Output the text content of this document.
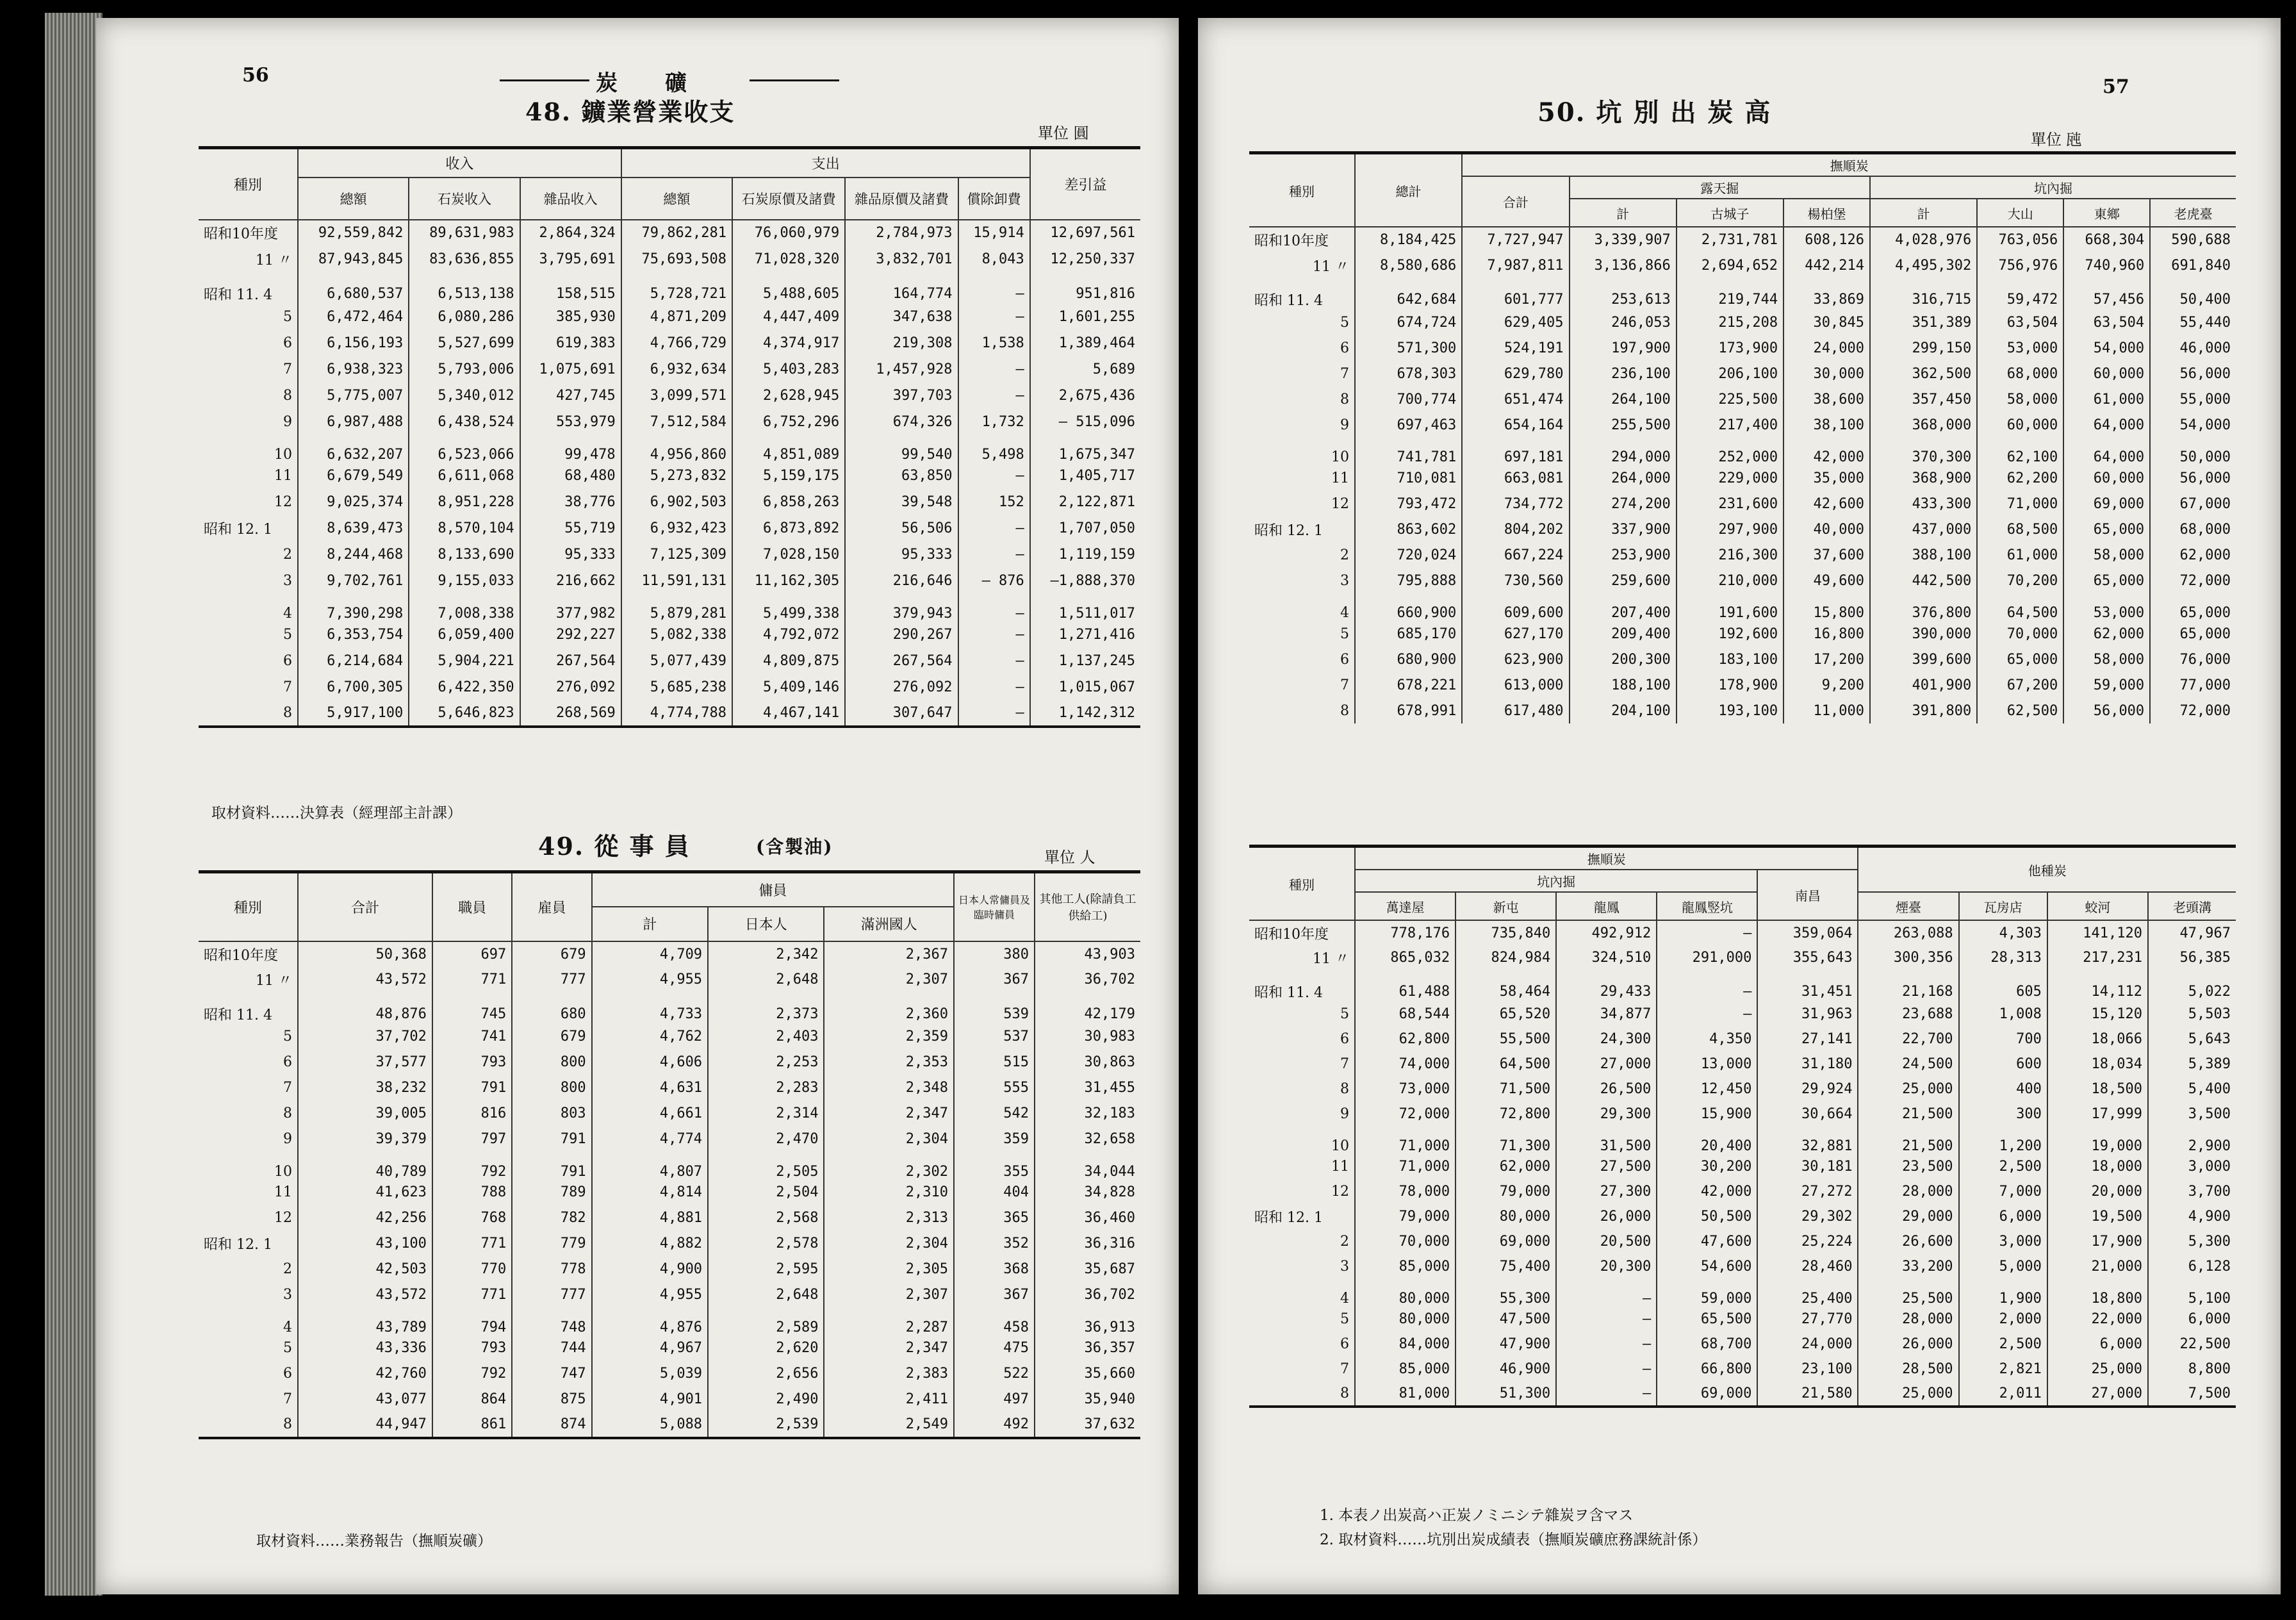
56	炭　　礦
48. 鑛業營業收支
單位 圓
種別	收入			支出				差引益
	總額	石炭收入	雜品收入	總額	石炭原價及諸費	雜品原價及諸費	償除卸費	
昭和10年度	92,559,842	89,631,983	2,864,324	79,862,281	76,060,979	2,784,973	15,914	12,697,561
11 〃	87,943,845	83,636,855	3,795,691	75,693,508	71,028,320	3,832,701	8,043	12,250,337
昭和 11. 4	6,680,537	6,513,138	158,515	5,728,721	5,488,605	164,774	—	951,816
5	6,472,464	6,080,286	385,930	4,871,209	4,447,409	347,638	—	1,601,255
6	6,156,193	5,527,699	619,383	4,766,729	4,374,917	219,308	1,538	1,389,464
7	6,938,323	5,793,006	1,075,691	6,932,634	5,403,283	1,457,928	—	5,689
8	5,775,007	5,340,012	427,745	3,099,571	2,628,945	397,703	—	2,675,436
9	6,987,488	6,438,524	553,979	7,512,584	6,752,296	674,326	1,732	— 515,096
10	6,632,207	6,523,066	99,478	4,956,860	4,851,089	99,540	5,498	1,675,347
11	6,679,549	6,611,068	68,480	5,273,832	5,159,175	63,850	—	1,405,717
12	9,025,374	8,951,228	38,776	6,902,503	6,858,263	39,548	152	2,122,871
昭和 12. 1	8,639,473	8,570,104	55,719	6,932,423	6,873,892	56,506	—	1,707,050
2	8,244,468	8,133,690	95,333	7,125,309	7,028,150	95,333	—	1,119,159
3	9,702,761	9,155,033	216,662	11,591,131	11,162,305	216,646	— 876	—1,888,370
4	7,390,298	7,008,338	377,982	5,879,281	5,499,338	379,943	—	1,511,017
5	6,353,754	6,059,400	292,227	5,082,338	4,792,072	290,267	—	1,271,416
6	6,214,684	5,904,221	267,564	5,077,439	4,809,875	267,564	—	1,137,245
7	6,700,305	6,422,350	276,092	5,685,238	5,409,146	276,092	—	1,015,067
8	5,917,100	5,646,823	268,569	4,774,788	4,467,141	307,647	—	1,142,312
取材資料……決算表（經理部主計課）
49. 從 事 員	(含製油)	單位 人
種別	合計	職員	雇員	傭員			日本人常傭員及臨時傭員	其他工人(除請負工供給工)
				計	日本人	滿洲國人		
昭和10年度	50,368	697	679	4,709	2,342	2,367	380	43,903
11 〃	43,572	771	777	4,955	2,648	2,307	367	36,702
昭和 11. 4	48,876	745	680	4,733	2,373	2,360	539	42,179
5	37,702	741	679	4,762	2,403	2,359	537	30,983
6	37,577	793	800	4,606	2,253	2,353	515	30,863
7	38,232	791	800	4,631	2,283	2,348	555	31,455
8	39,005	816	803	4,661	2,314	2,347	542	32,183
9	39,379	797	791	4,774	2,470	2,304	359	32,658
10	40,789	792	791	4,807	2,505	2,302	355	34,044
11	41,623	788	789	4,814	2,504	2,310	404	34,828
12	42,256	768	782	4,881	2,568	2,313	365	36,460
昭和 12. 1	43,100	771	779	4,882	2,578	2,304	352	36,316
2	42,503	770	778	4,900	2,595	2,305	368	35,687
3	43,572	771	777	4,955	2,648	2,307	367	36,702
4	43,789	794	748	4,876	2,589	2,287	458	36,913
5	43,336	793	744	4,967	2,620	2,347	475	36,357
6	42,760	792	747	5,039	2,656	2,383	522	35,660
7	43,077	864	875	4,901	2,490	2,411	497	35,940
8	44,947	861	874	5,088	2,539	2,549	492	37,632
取材資料……業務報告（撫順炭礦）
57
50. 坑 別 出 炭 高
單位 瓲
種別	總計	撫順炭							
		合計	露天掘			坑內掘			
			計	古城子	楊柏堡	計	大山	東鄉	老虎臺
昭和10年度	8,184,425	7,727,947	3,339,907	2,731,781	608,126	4,028,976	763,056	668,304	590,688
11 〃	8,580,686	7,987,811	3,136,866	2,694,652	442,214	4,495,302	756,976	740,960	691,840
昭和 11. 4	642,684	601,777	253,613	219,744	33,869	316,715	59,472	57,456	50,400
5	674,724	629,405	246,053	215,208	30,845	351,389	63,504	63,504	55,440
6	571,300	524,191	197,900	173,900	24,000	299,150	53,000	54,000	46,000
7	678,303	629,780	236,100	206,100	30,000	362,500	68,000	60,000	56,000
8	700,774	651,474	264,100	225,500	38,600	357,450	58,000	61,000	55,000
9	697,463	654,164	255,500	217,400	38,100	368,000	60,000	64,000	54,000
10	741,781	697,181	294,000	252,000	42,000	370,300	62,100	64,000	50,000
11	710,081	663,081	264,000	229,000	35,000	368,900	62,200	60,000	56,000
12	793,472	734,772	274,200	231,600	42,600	433,300	71,000	69,000	67,000
昭和 12. 1	863,602	804,202	337,900	297,900	40,000	437,000	68,500	65,000	68,000
2	720,024	667,224	253,900	216,300	37,600	388,100	61,000	58,000	62,000
3	795,888	730,560	259,600	210,000	49,600	442,500	70,200	65,000	72,000
4	660,900	609,600	207,400	191,600	15,800	376,800	64,500	53,000	65,000
5	685,170	627,170	209,400	192,600	16,800	390,000	70,000	62,000	65,000
6	680,900	623,900	200,300	183,100	17,200	399,600	65,000	58,000	76,000
7	678,221	613,000	188,100	178,900	9,200	401,900	67,200	59,000	77,000
8	678,991	617,480	204,100	193,100	11,000	391,800	62,500	56,000	72,000
種別	撫順炭					他種炭			
	坑內掘				南昌				
	萬達屋	新屯	龍鳳	龍鳳竪坑		煙臺	瓦房店	蛟河	老頭溝
昭和10年度	778,176	735,840	492,912	—	359,064	263,088	4,303	141,120	47,967
11 〃	865,032	824,984	324,510	291,000	355,643	300,356	28,313	217,231	56,385
昭和 11. 4	61,488	58,464	29,433	—	31,451	21,168	605	14,112	5,022
5	68,544	65,520	34,877	—	31,963	23,688	1,008	15,120	5,503
6	62,800	55,500	24,300	4,350	27,141	22,700	700	18,066	5,643
7	74,000	64,500	27,000	13,000	31,180	24,500	600	18,034	5,389
8	73,000	71,500	26,500	12,450	29,924	25,000	400	18,500	5,400
9	72,000	72,800	29,300	15,900	30,664	21,500	300	17,999	3,500
10	71,000	71,300	31,500	20,400	32,881	21,500	1,200	19,000	2,900
11	71,000	62,000	27,500	30,200	30,181	23,500	2,500	18,000	3,000
12	78,000	79,000	27,300	42,000	27,272	28,000	7,000	20,000	3,700
昭和 12. 1	79,000	80,000	26,000	50,500	29,302	29,000	6,000	19,500	4,900
2	70,000	69,000	20,500	47,600	25,224	26,600	3,000	17,900	5,300
3	85,000	75,400	20,300	54,600	28,460	33,200	5,000	21,000	6,128
4	80,000	55,300	—	59,000	25,400	25,500	1,900	18,800	5,100
5	80,000	47,500	—	65,500	27,770	28,000	2,000	22,000	6,000
6	84,000	47,900	—	68,700	24,000	26,000	2,500	6,000	22,500
7	85,000	46,900	—	66,800	23,100	28,500	2,821	25,000	8,800
8	81,000	51,300	—	69,000	21,580	25,000	2,011	27,000	7,500
1. 本表ノ出炭高ハ正炭ノミニシテ雜炭ヲ含マス
2. 取材資料……坑別出炭成績表（撫順炭礦庶務課統計係）
